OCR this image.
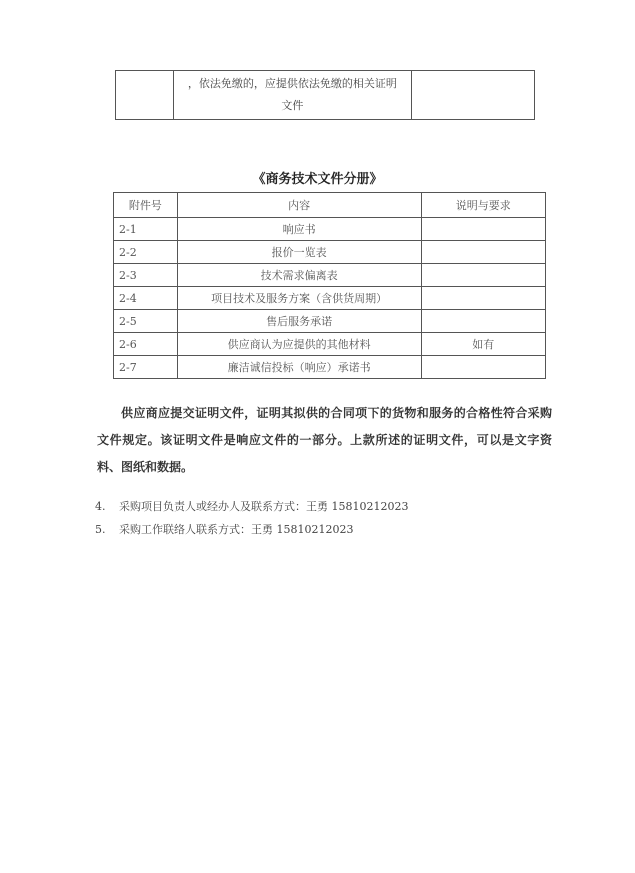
，依法免缴的，应提供依法免缴的相关证明
文件

《商务技术文件分册》
附件号	内容	说明与要求
2-1	响应书	
2-2	报价一览表	
2-3	技术需求偏离表	
2-4	项目技术及服务方案（含供货周期）	
2-5	售后服务承诺	
2-6	供应商认为应提供的其他材料	如有
2-7	廉洁诚信投标（响应）承诺书	
供应商应提交证明文件，证明其拟供的合同项下的货物和服务的合格性符合采购文件规定。该证明文件是响应文件的一部分。上款所述的证明文件，可以是文字资料、图纸和数据。
4. 采购项目负责人或经办人及联系方式：王勇 15810212023
5. 采购工作联络人联系方式：王勇 15810212023
